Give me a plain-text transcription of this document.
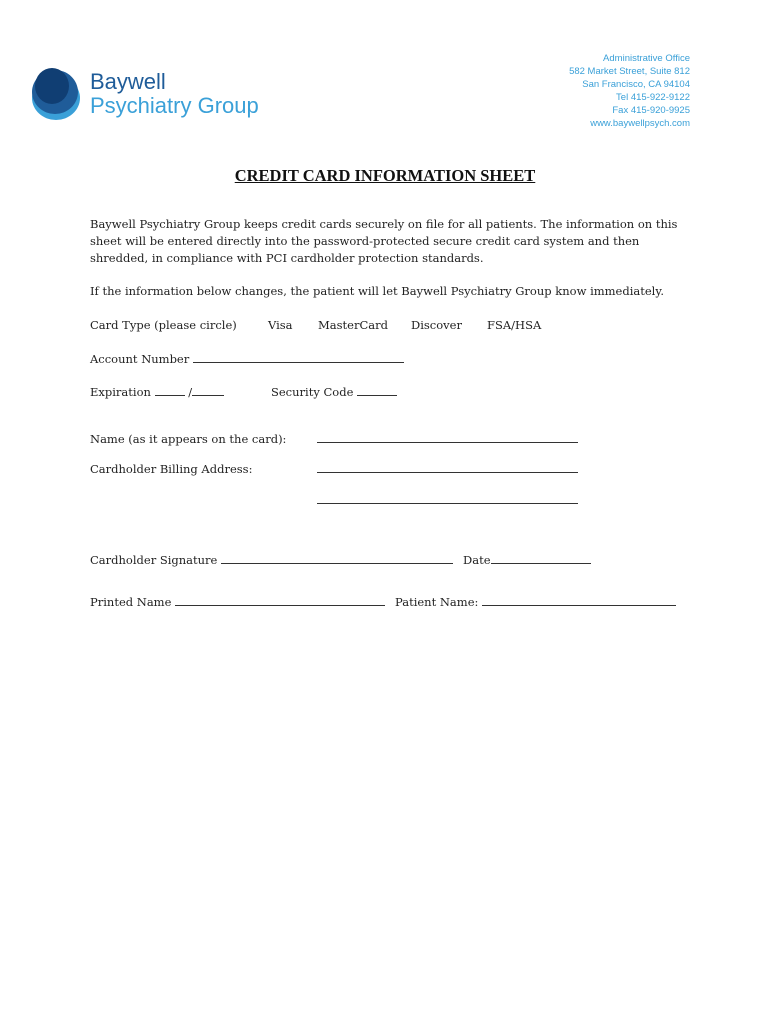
Baywell
Psychiatry Group
Administrative Office
582 Market Street, Suite 812
San Francisco, CA 94104
Tel 415-922-9122
Fax 415-920-9925
www.baywellpsych.com
CREDIT CARD INFORMATION SHEET
Baywell Psychiatry Group keeps credit cards securely on file for all patients. The information on this sheet will be entered directly into the password-protected secure credit card system and then shredded, in compliance with PCI cardholder protection standards.
If the information below changes, the patient will let Baywell Psychiatry Group know immediately.
Card Type (please circle)	Visa MasterCard Discover FSA/HSA
Account Number
Expiration	/	Security Code
Name (as it appears on the card):
Cardholder Billing Address:
Cardholder Signature	Date
Printed Name	Patient Name:
